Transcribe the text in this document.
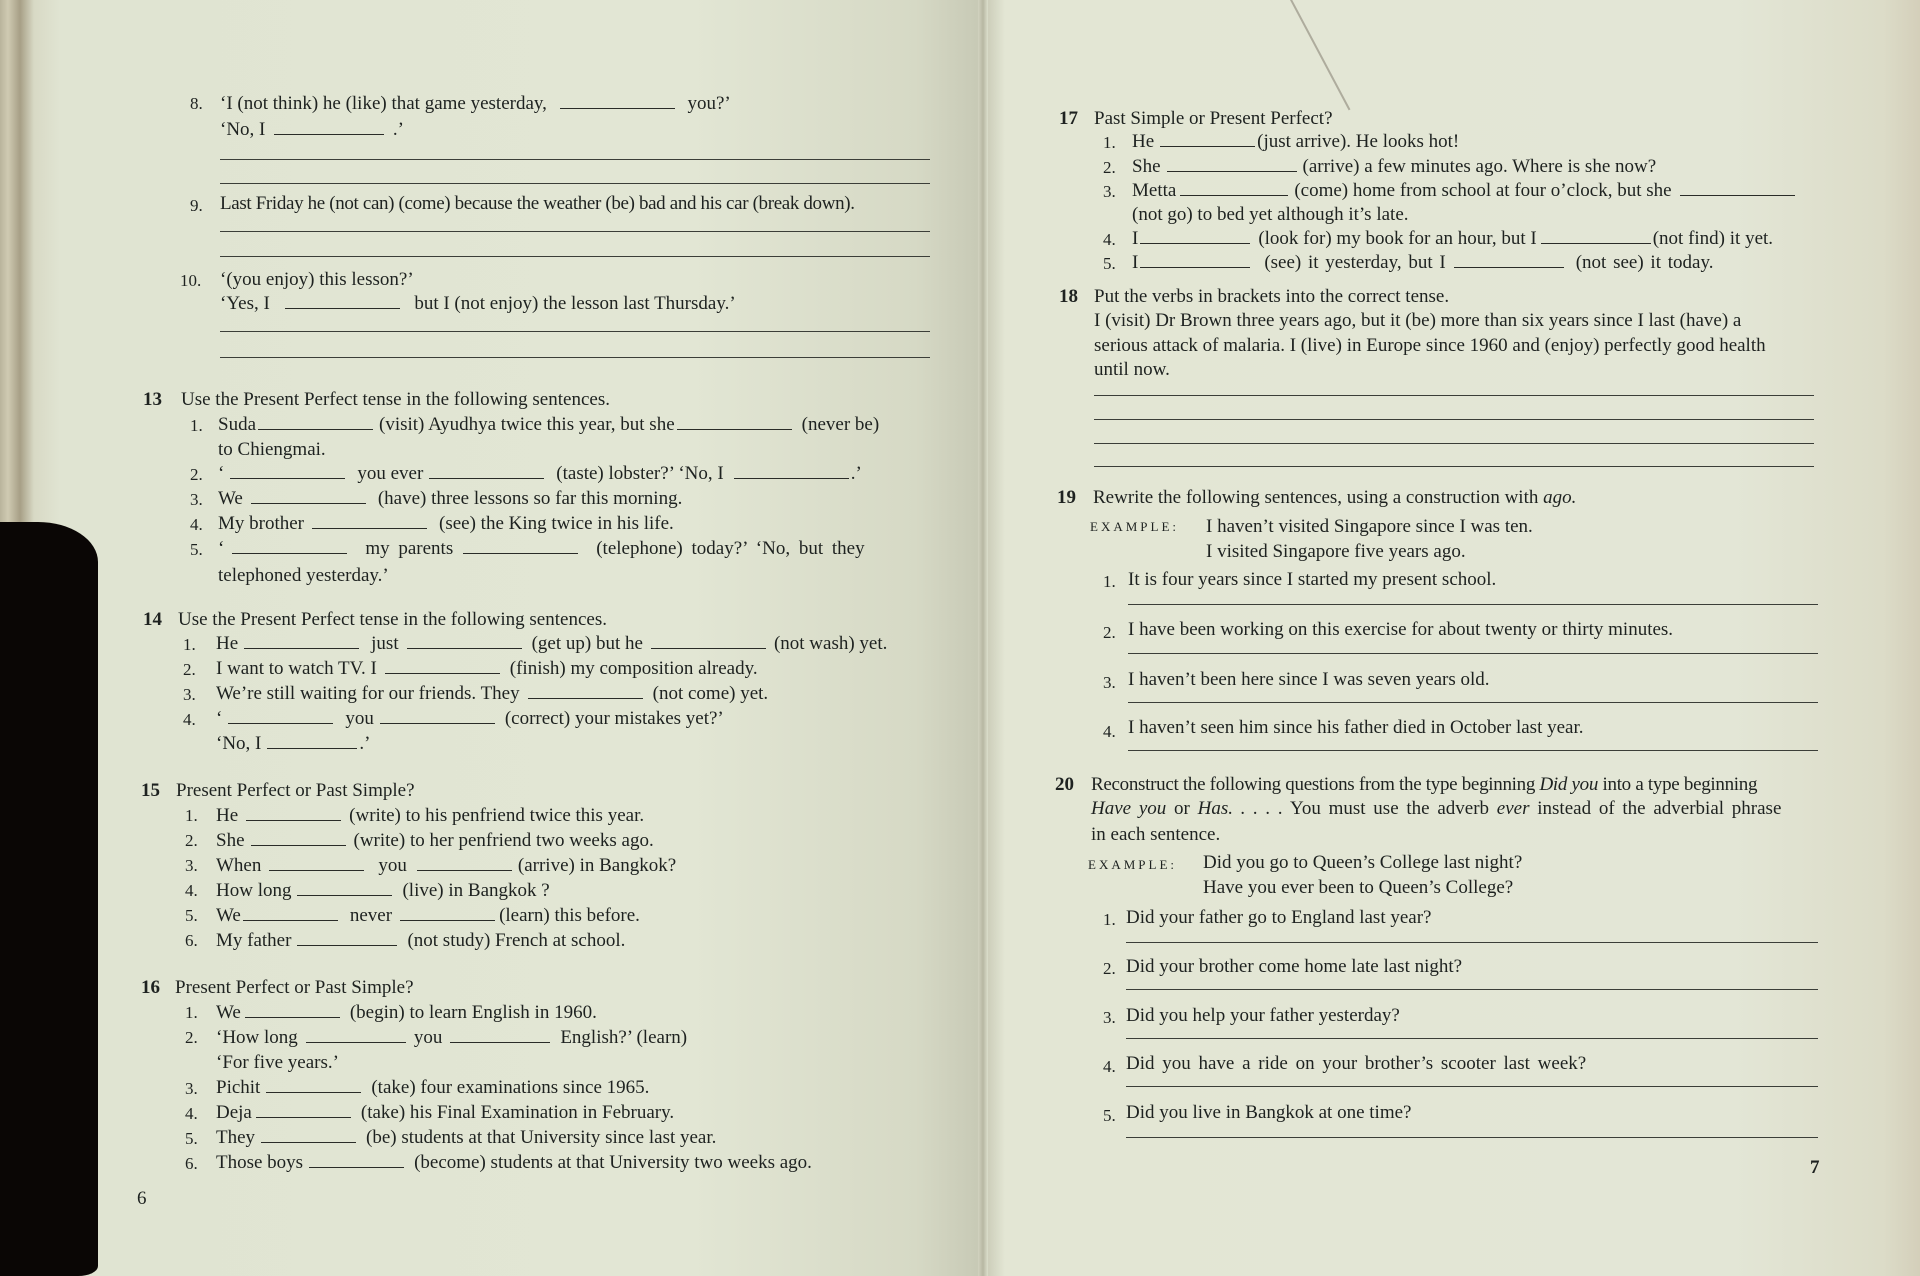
8. ‘I (not think) he (like) that game yesterday,	you?’
‘No, I	.’
9. Last Friday he (not can) (come) because the weather (be) bad and his car (break down).
10. ‘(you enjoy) this lesson?’
‘Yes, I	but I (not enjoy) the lesson last Thursday.’
13 Use the Present Perfect tense in the following sentences.
1. Suda	(visit) Ayudhya twice this year, but she	(never be)
to Chiengmai.
2. ‘	you ever	(taste) lobster?’ ‘No, I	.’
3. We	(have) three lessons so far this morning.
4. My brother	(see) the King twice in his life.
5. ‘	my parents	(telephone) today?’ ‘No, but they
telephoned yesterday.’
14 Use the Present Perfect tense in the following sentences.
1. He	just	(get up) but he	(not wash) yet.
2. I want to watch TV. I	(finish) my composition already.
3. We’re still waiting for our friends. They	(not come) yet.
4. ‘	you	(correct) your mistakes yet?’
‘No, I	.’
15 Present Perfect or Past Simple?
1. He	(write) to his penfriend twice this year.
2. She	(write) to her penfriend two weeks ago.
3. When	you	(arrive) in Bangkok?
4. How long	(live) in Bangkok ?
5. We	never	(learn) this before.
6. My father	(not study) French at school.
16 Present Perfect or Past Simple?
1. We	(begin) to learn English in 1960.
2. ‘How long	you	English?’ (learn)
‘For five years.’
3. Pichit	(take) four examinations since 1965.
4. Deja	(take) his Final Examination in February.
5. They	(be) students at that University since last year.
6. Those boys	(become) students at that University two weeks ago.
6
17 Past Simple or Present Perfect?
1. He	(just arrive). He looks hot!
2. She	(arrive) a few minutes ago. Where is she now?
3. Metta	(come) home from school at four o’clock, but she
(not go) to bed yet although it’s late.
4. I	(look for) my book for an hour, but I	(not find) it yet.
5. I	(see) it yesterday, but I	(not see) it today.
18 Put the verbs in brackets into the correct tense.
I (visit) Dr Brown three years ago, but it (be) more than six years since I last (have) a
serious attack of malaria. I (live) in Europe since 1960 and (enjoy) perfectly good health
until now.
19 Rewrite the following sentences, using a construction with ago.
EXAMPLE: I haven’t visited Singapore since I was ten.
I visited Singapore five years ago.
1. It is four years since I started my present school.
2. I have been working on this exercise for about twenty or thirty minutes.
3. I haven’t been here since I was seven years old.
4. I haven’t seen him since his father died in October last year.
20 Reconstruct the following questions from the type beginning Did you into a type beginning
Have you or Has. . . . . You must use the adverb ever instead of the adverbial phrase
in each sentence.
EXAMPLE: Did you go to Queen’s College last night?
Have you ever been to Queen’s College?
1. Did your father go to England last year?
2. Did your brother come home late last night?
3. Did you help your father yesterday?
4. Did you have a ride on your brother’s scooter last week?
5. Did you live in Bangkok at one time?
7
